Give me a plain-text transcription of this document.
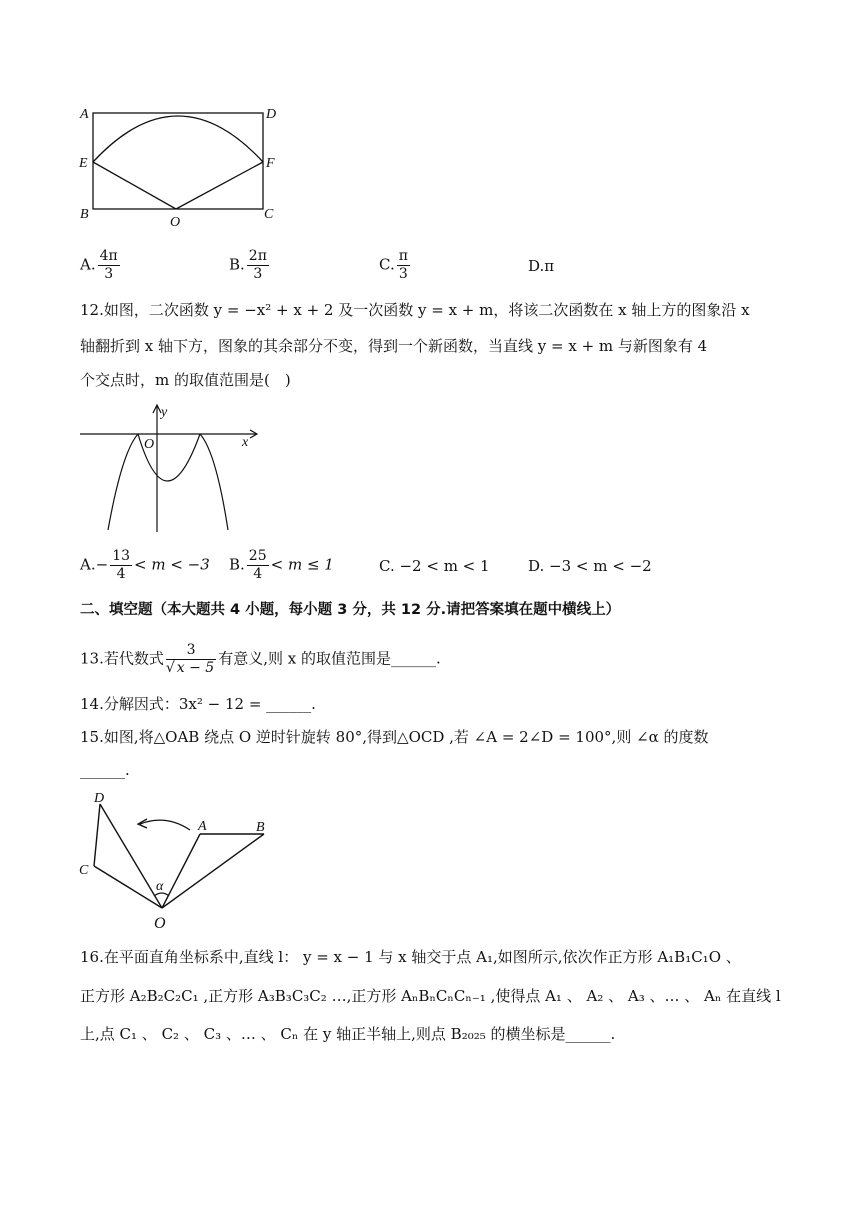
A	D
E	F
B
O
C
A. $\frac{4\pi}{3}$	B. $\frac{2\pi}{3}$	C. $\frac{\pi}{3}$	D.π
12.如图，二次函数 y = −x² + x + 2 及一次函数 y = x + m，将该二次函数在 x 轴上方的图象沿 x
轴翻折到 x 轴下方，图象的其余部分不变，得到一个新函数，当直线 y = x + m 与新图象有 4
个交点时，m 的取值范围是(　)
y
O	x
$A.- \frac{13}{4} < m < -3$ B. $\frac{25}{4} < m \le 1$	C. −2 < m < 1	D. −3 < m < −2
二、填空题（本大题共 4 小题，每小题 3 分，共 12 分.请把答案填在题中横线上）
13.若代数式 $\frac{3}{√ x - 5}$ 有意义,则 x 的取值范围是______.
14.分解因式：3x² − 12 = ______.
15.如图,将△OAB 绕点 O 逆时针旋转 80°,得到△OCD ,若 ∠A = 2∠D = 100°,则 ∠α 的度数
______.
D
A	B
C
α
O
16.在平面直角坐标系中,直线 l： y = x − 1 与 x 轴交于点 A₁,如图所示,依次作正方形 A₁B₁C₁O 、
正方形 A₂B₂C₂C₁ ,正方形 A₃B₃C₃C₂ …,正方形 AₙBₙCₙCₙ₋₁ ,使得点 A₁ 、 A₂ 、 A₃ 、… 、 Aₙ 在直线 l
上,点 C₁ 、 C₂ 、 C₃ 、… 、 Cₙ 在 y 轴正半轴上,则点 B₂₀₂₅ 的横坐标是______.
